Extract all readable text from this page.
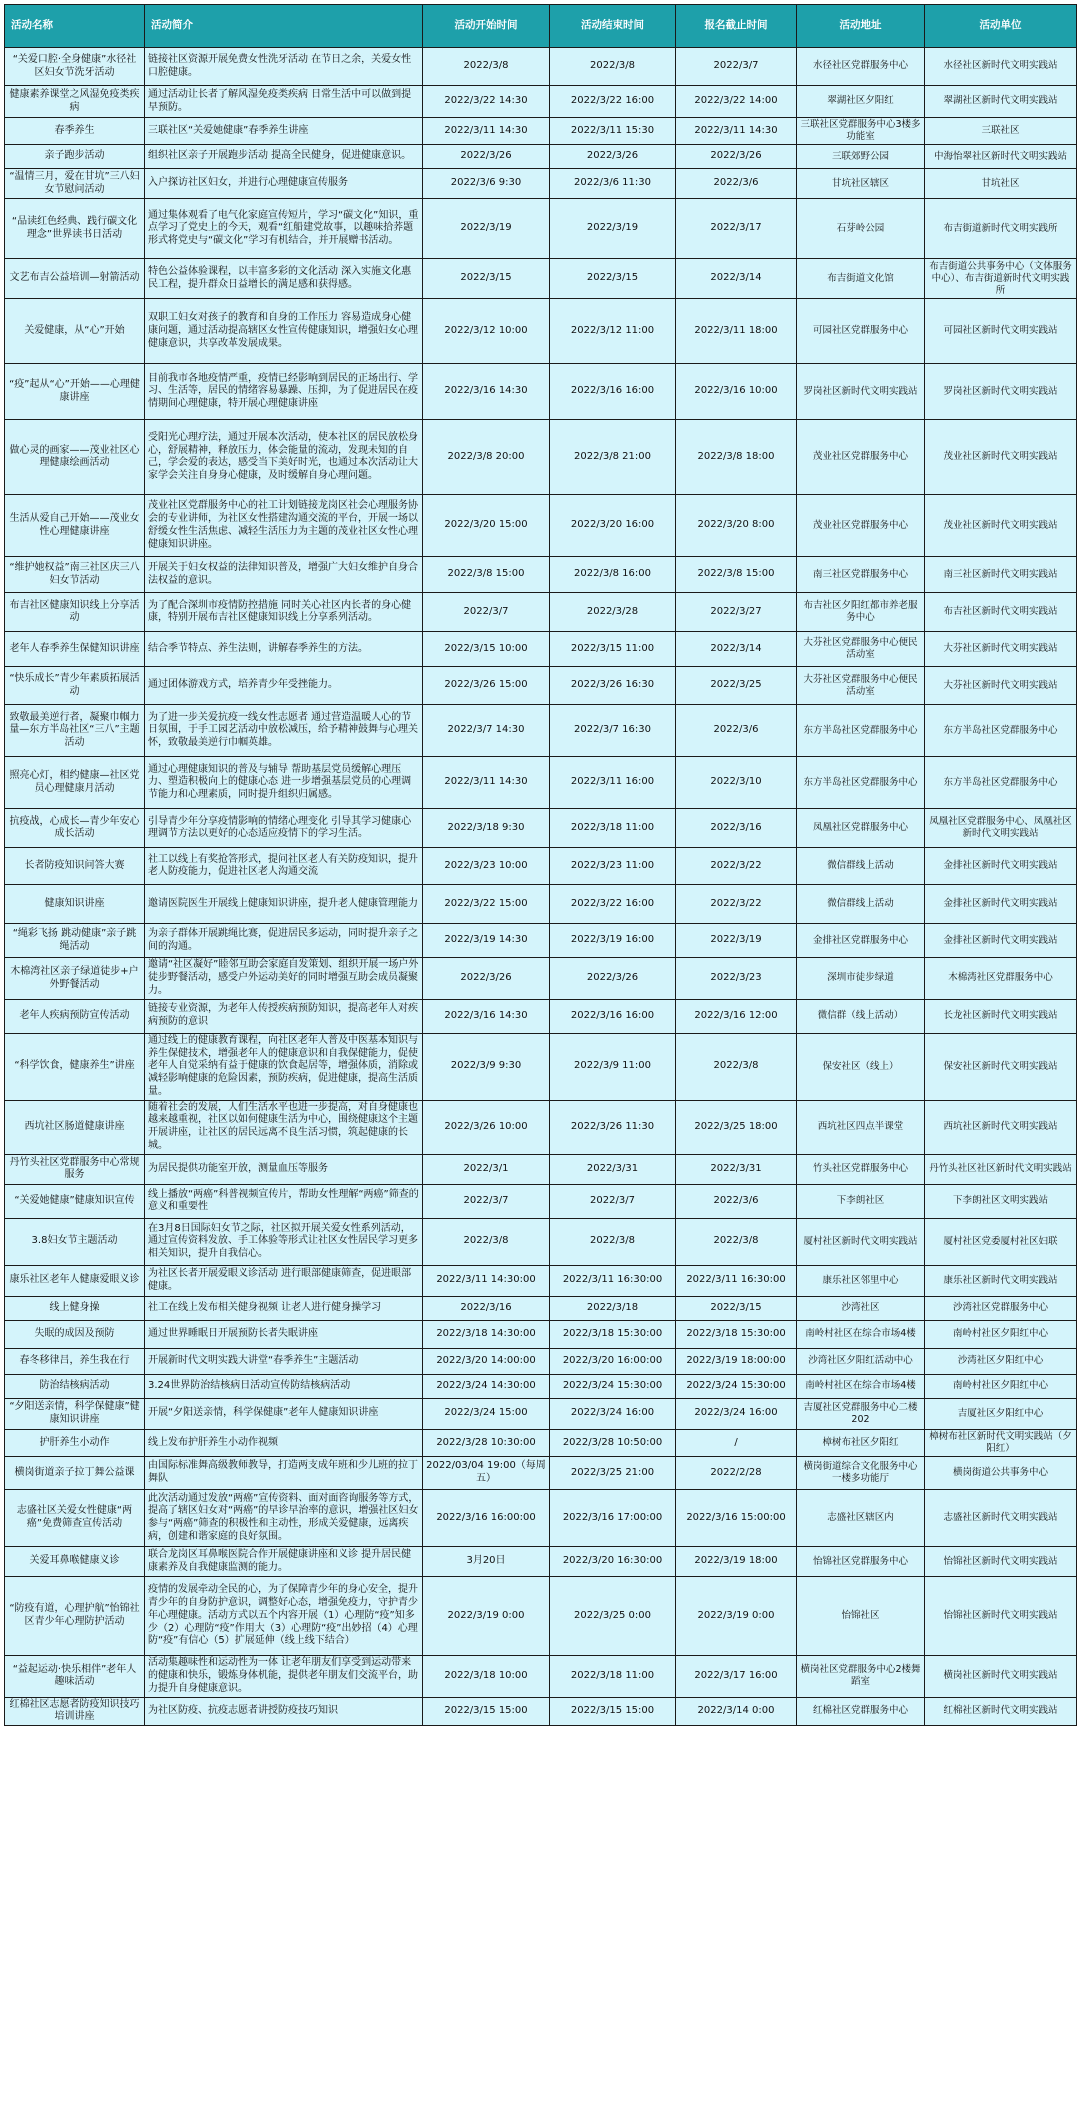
活动名称	活动简介	活动开始时间	活动结束时间	报名截止时间	活动地址	活动单位
“关爱口腔·全身健康”水径社区妇女节洗牙活动	链接社区资源开展免费女性洗牙活动 在节日之余，关爱女性口腔健康。	2022/3/8	2022/3/8	2022/3/7	水径社区党群服务中心	水径社区新时代文明实践站
健康素养课堂之风湿免疫类疾病	通过活动让长者了解风湿免疫类疾病 日常生活中可以做到提早预防。	2022/3/22 14:30	2022/3/22 16:00	2022/3/22 14:00	翠湖社区夕阳红	翠湖社区新时代文明实践站
春季养生	三联社区“关爱她健康”春季养生讲座	2022/3/11 14:30	2022/3/11 15:30	2022/3/11 14:30	三联社区党群服务中心3楼多功能室	三联社区
亲子跑步活动	组织社区亲子开展跑步活动 提高全民健身，促进健康意识。	2022/3/26	2022/3/26	2022/3/26	三联郊野公园	中海怡翠社区新时代文明实践站
“温情三月，爱在甘坑”三八妇女节慰问活动	入户探访社区妇女，并进行心理健康宣传服务	2022/3/6 9:30	2022/3/6 11:30	2022/3/6	甘坑社区辖区	甘坑社区
“品读红色经典、践行碳文化理念”世界读书日活动	通过集体观看了电气化家庭宣传短片，学习“碳文化”知识，重点学习了党史上的今天，观看“红船建党故事，以趣味拾荞题形式将党史与“碳文化”学习有机结合，并开展赠书活动。	2022/3/19	2022/3/19	2022/3/17	石芽岭公园	布吉街道新时代文明实践所
文艺布吉公益培训—射箭活动	特色公益体验课程，以丰富多彩的文化活动 深入实施文化惠民工程，提升群众日益增长的满足感和获得感。	2022/3/15	2022/3/15	2022/3/14	布吉街道文化馆	布吉街道公共事务中心（文体服务中心）、布吉街道新时代文明实践所
关爱健康，从“心”开始	双职工妇女对孩子的教育和自身的工作压力 容易造成身心健康问题，通过活动提高辖区女性宣传健康知识，增强妇女心理健康意识，共享改革发展成果。	2022/3/12 10:00	2022/3/12 11:00	2022/3/11 18:00	可园社区党群服务中心	可园社区新时代文明实践站
“疫”起从“心”开始——心理健康讲座	目前我市各地疫情严重，疫情已经影响到居民的正场出行、学习、生活等，居民的情绪容易暴躁、压抑，为了促进居民在疫情期间心理健康，特开展心理健康讲座	2022/3/16 14:30	2022/3/16 16:00	2022/3/16 10:00	罗岗社区新时代文明实践站	罗岗社区新时代文明实践站
做心灵的画家——茂业社区心理健康绘画活动	受阳光心理疗法，通过开展本次活动，使本社区的居民放松身心，舒展精神，释放压力，体会能量的流动，发现未知的自己，学会爱的表达，感受当下美好时光，也通过本次活动让大家学会关注自身身心健康，及时缓解自身心理问题。	2022/3/8 20:00	2022/3/8 21:00	2022/3/8 18:00	茂业社区党群服务中心	茂业社区新时代文明实践站
生活从爱自己开始——茂业女性心理健康讲座	茂业社区党群服务中心的社工计划链接龙岗区社会心理服务协会的专业讲师，为社区女性搭建沟通交流的平台，开展一场以舒缓女性生活焦虑、减轻生活压力为主题的茂业社区女性心理健康知识讲座。	2022/3/20 15:00	2022/3/20 16:00	2022/3/20 8:00	茂业社区党群服务中心	茂业社区新时代文明实践站
“维护她权益”南三社区庆三八妇女节活动	开展关于妇女权益的法律知识普及，增强广大妇女维护自身合法权益的意识。	2022/3/8 15:00	2022/3/8 16:00	2022/3/8 15:00	南三社区党群服务中心	南三社区新时代文明实践站
布吉社区健康知识线上分享活动	为了配合深圳市疫情防控措施 同时关心社区内长者的身心健康，特别开展布吉社区健康知识线上分享系列活动。	2022/3/7	2022/3/28	2022/3/27	布吉社区夕阳红都市养老服务中心	布吉社区新时代文明实践站
老年人春季养生保健知识讲座	结合季节特点、养生法则，讲解春季养生的方法。	2022/3/15 10:00	2022/3/15 11:00	2022/3/14	大芬社区党群服务中心便民活动室	大芬社区新时代文明实践站
“快乐成长”青少年素质拓展活动	通过团体游戏方式，培养青少年受挫能力。	2022/3/26 15:00	2022/3/26 16:30	2022/3/25	大芬社区党群服务中心便民活动室	大芬社区新时代文明实践站
致敬最美逆行者，凝聚巾帼力量—东方半岛社区“三八”主题活动	为了进一步关爱抗疫一线女性志愿者 通过营造温暖人心的节日氛围，于手工园艺活动中放松减压，给予精神鼓舞与心理关怀，致敬最美逆行巾帼英雄。	2022/3/7 14:30	2022/3/7 16:30	2022/3/6	东方半岛社区党群服务中心	东方半岛社区党群服务中心
照亮心灯，相约健康—社区党员心理健康月活动	通过心理健康知识的普及与辅导 帮助基层党员缓解心理压力、塑造积极向上的健康心态 进一步增强基层党员的心理调节能力和心理素质，同时提升组织归属感。	2022/3/11 14:30	2022/3/11 16:00	2022/3/10	东方半岛社区党群服务中心	东方半岛社区党群服务中心
抗疫战，心成长—青少年安心成长活动	引导青少年分享疫情影响的情绪心理变化 引导其学习健康心理调节方法以更好的心态适应疫情下的学习生活。	2022/3/18 9:30	2022/3/18 11:00	2022/3/16	凤凰社区党群服务中心	凤凰社区党群服务中心、凤凰社区新时代文明实践站
长者防疫知识问答大赛	社工以线上有奖抢答形式，提问社区老人有关防疫知识，提升老人防疫能力，促进社区老人沟通交流	2022/3/23 10:00	2022/3/23 11:00	2022/3/22	微信群线上活动	金排社区新时代文明实践站
健康知识讲座	邀请医院医生开展线上健康知识讲座，提升老人健康管理能力	2022/3/22 15:00	2022/3/22 16:00	2022/3/22	微信群线上活动	金排社区新时代文明实践站
“绳彩飞扬 跳动健康”亲子跳绳活动	为亲子群体开展跳绳比赛，促进居民多运动，同时提升亲子之间的沟通。	2022/3/19 14:30	2022/3/19 16:00	2022/3/19	金排社区党群服务中心	金排社区新时代文明实践站
木棉湾社区亲子绿道徒步+户外野餐活动	邀请“社区凝好”睦邻互助会家庭自发策划、组织开展一场户外徒步野餐活动，感受户外运动美好的同时增强互助会成员凝聚力。	2022/3/26	2022/3/26	2022/3/23	深圳市徒步绿道	木棉湾社区党群服务中心
老年人疾病预防宣传活动	链接专业资源，为老年人传授疾病预防知识，提高老年人对疾病预防的意识	2022/3/16 14:30	2022/3/16 16:00	2022/3/16 12:00	微信群（线上活动）	长龙社区新时代文明实践站
“科学饮食，健康养生”讲座	通过线上的健康教育课程，向社区老年人普及中医基本知识与养生保健技术，增强老年人的健康意识和自我保健能力，促使老年人自觉采纳有益于健康的饮食起居等，增强体质，消除或减轻影响健康的危险因素，预防疾病，促进健康，提高生活质量。	2022/3/9 9:30	2022/3/9 11:00	2022/3/8	保安社区（线上）	保安社区新时代文明实践站
西坑社区肠道健康讲座	随着社会的发展，人们生活水平也进一步提高，对自身健康也越来越重视，社区以如何健康生活为中心，围绕健康这个主题开展讲座，让社区的居民远离不良生活习惯，筑起健康的长城。	2022/3/26 10:00	2022/3/26 11:30	2022/3/25 18:00	西坑社区四点半课堂	西坑社区新时代文明实践站
丹竹头社区党群服务中心常规服务	为居民提供功能室开放，测量血压等服务	2022/3/1	2022/3/31	2022/3/31	竹头社区党群服务中心	丹竹头社区社区新时代文明实践站
“关爱她健康”健康知识宣传	线上播放“两癌”科普视频宣传片，帮助女性理解“两癌”筛查的意义和重要性	2022/3/7	2022/3/7	2022/3/6	下李朗社区	下李朗社区文明实践站
3.8妇女节主题活动	在3月8日国际妇女节之际，社区拟开展关爱女性系列活动，通过宣传资料发放、手工体验等形式让社区女性居民学习更多相关知识，提升自我信心。	2022/3/8	2022/3/8	2022/3/8	厦村社区新时代文明实践站	厦村社区党委厦村社区妇联
康乐社区老年人健康爱眼义诊	为社区长者开展爱眼义诊活动 进行眼部健康筛查，促进眼部健康。	2022/3/11 14:30:00	2022/3/11 16:30:00	2022/3/11 16:30:00	康乐社区邻里中心	康乐社区新时代文明实践站
线上健身操	社工在线上发布相关健身视频 让老人进行健身操学习	2022/3/16	2022/3/18	2022/3/15	沙湾社区	沙湾社区党群服务中心
失眠的成因及预防	通过世界睡眠日开展预防长者失眠讲座	2022/3/18 14:30:00	2022/3/18 15:30:00	2022/3/18 15:30:00	南岭村社区在综合市场4楼	南岭村社区夕阳红中心
春冬移律吕，养生我在行	开展新时代文明实践大讲堂“春季养生”主题活动	2022/3/20 14:00:00	2022/3/20 16:00:00	2022/3/19 18:00:00	沙湾社区夕阳红活动中心	沙湾社区夕阳红中心
防治结核病活动	3.24世界防治结核病日活动宣传防结核病活动	2022/3/24 14:30:00	2022/3/24 15:30:00	2022/3/24 15:30:00	南岭村社区在综合市场4楼	南岭村社区夕阳红中心
“夕阳送亲情，科学保健康”健康知识讲座	开展“夕阳送亲情，科学保健康”老年人健康知识讲座	2022/3/24 15:00	2022/3/24 16:00	2022/3/24 16:00	吉厦社区党群服务中心二楼202	吉厦社区夕阳红中心
护肝养生小动作	线上发布护肝养生小动作视频	2022/3/28 10:30:00	2022/3/28 10:50:00	/	樟树布社区夕阳红	樟树布社区新时代文明实践站（夕阳红）
横岗街道亲子拉丁舞公益课	由国际标准舞高级教师教导，打造两支成年班和少儿班的拉丁舞队	2022/03/04 19:00（每周五）	2022/3/25 21:00	2022/2/28	横岗街道综合文化服务中心一楼多功能厅	横岗街道公共事务中心
志盛社区关爱女性健康“两癌”免费筛查宣传活动	此次活动通过发放“两癌”宣传资料、面对面咨询服务等方式，提高了辖区妇女对“两癌”的早诊早治率的意识，增强社区妇女参与“两癌”筛查的积极性和主动性，形成关爱健康，远离疾病，创建和谐家庭的良好氛围。	2022/3/16 16:00:00	2022/3/16 17:00:00	2022/3/16 15:00:00	志盛社区辖区内	志盛社区新时代文明实践站
关爱耳鼻喉健康义诊	联合龙岗区耳鼻喉医院合作开展健康讲座和义诊 提升居民健康素养及自我健康监测的能力。	3月20日	2022/3/20 16:30:00	2022/3/19 18:00	怡锦社区党群服务中心	怡锦社区新时代文明实践站
“防疫有道，心理护航”怡锦社区青少年心理防护活动	疫情的发展牵动全民的心，为了保障青少年的身心安全，提升青少年的自身防护意识，调整好心态，增强免疫力，守护青少年心理健康。活动方式以五个内容开展（1）心理防“疫”知多少（2）心理防“疫”作用大（3）心理防“疫”出妙招（4）心理防“疫”有信心（5）扩展延伸（线上线下结合）	2022/3/19 0:00	2022/3/25 0:00	2022/3/19 0:00	怡锦社区	怡锦社区新时代文明实践站
“益起运动·快乐相伴”老年人趣味活动	活动集趣味性和运动性为一体 让老年朋友们享受到运动带来的健康和快乐，锻炼身体机能，提供老年朋友们交流平台，助力提升自身健康意识。	2022/3/18 10:00	2022/3/18 11:00	2022/3/17 16:00	横岗社区党群服务中心2楼舞蹈室	横岗社区新时代文明实践站
红棉社区志愿者防疫知识技巧培训讲座	为社区防疫、抗疫志愿者讲授防疫技巧知识	2022/3/15 15:00	2022/3/15 15:00	2022/3/14 0:00	红棉社区党群服务中心	红棉社区新时代文明实践站
